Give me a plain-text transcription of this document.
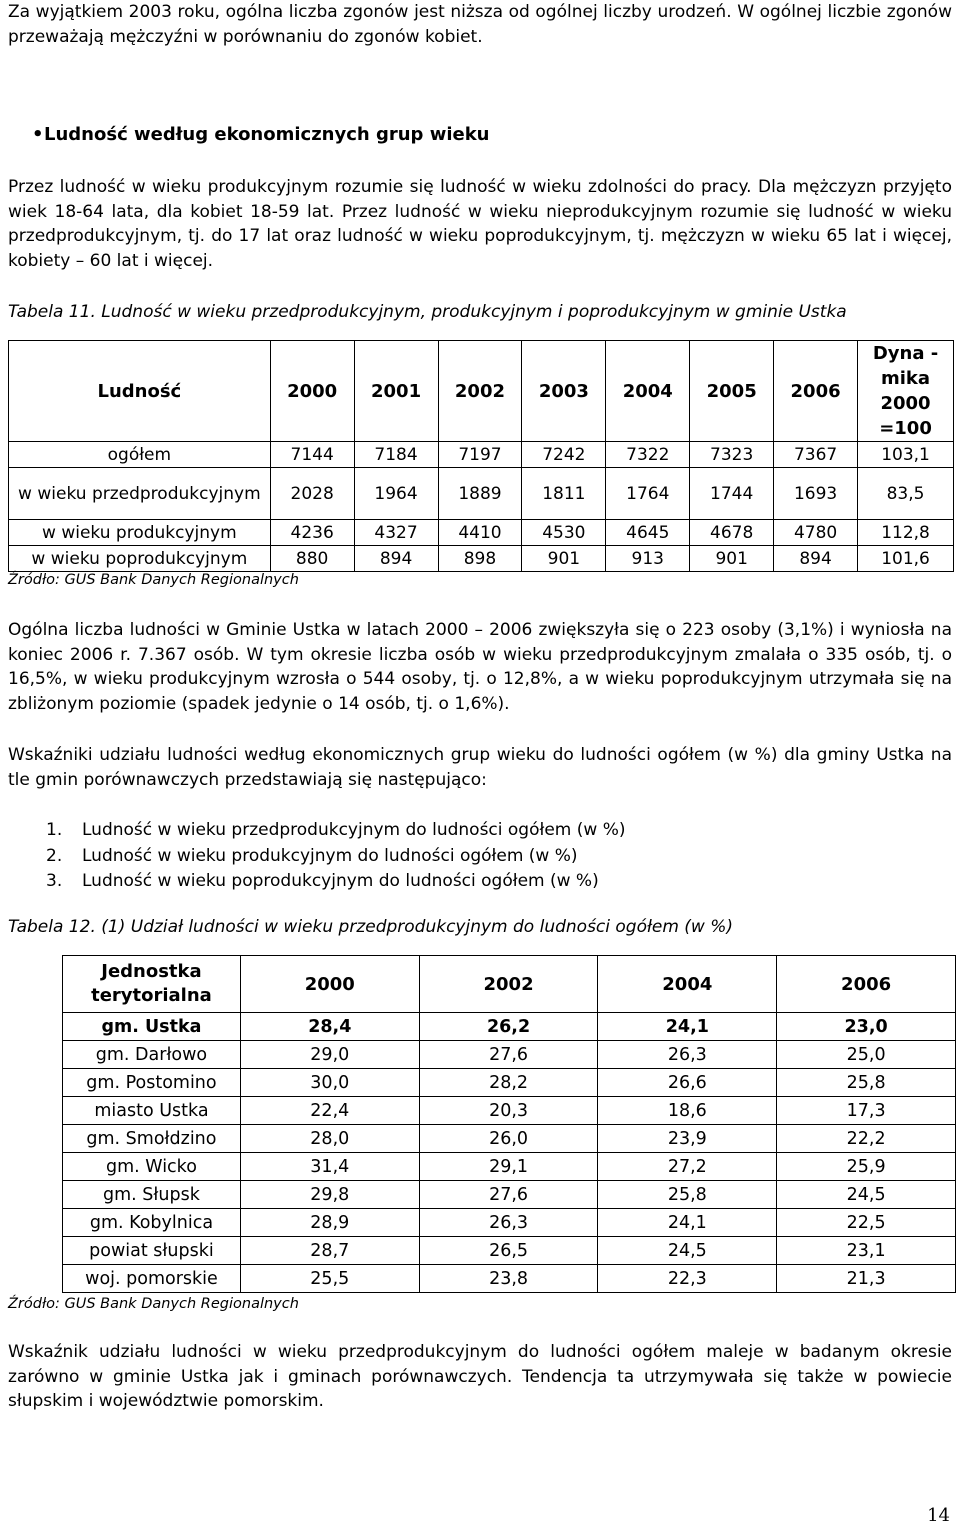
Za wyjątkiem 2003 roku, ogólna liczba zgonów jest niższa od ogólnej liczby urodzeń. W ogólnej liczbie zgonów przeważają mężczyźni w porównaniu do zgonów kobiet.

• Ludność według ekonomicznych grup wieku

Przez ludność w wieku produkcyjnym rozumie się ludność w wieku zdolności do pracy. Dla mężczyzn przyjęto wiek 18-64 lata, dla kobiet 18-59 lat. Przez ludność w wieku nieprodukcyjnym rozumie się ludność w wieku przedprodukcyjnym, tj. do 17 lat oraz ludność w wieku poprodukcyjnym, tj. mężczyzn w wieku 65 lat i więcej, kobiety – 60 lat i więcej.

Tabela 11. Ludność w wieku przedprodukcyjnym, produkcyjnym i poprodukcyjnym w gminie Ustka

Ludność	2000	2001	2002	2003	2004	2005	2006	Dyna -mika 2000 =100
ogółem	7144	7184	7197	7242	7322	7323	7367	103,1
w wieku przedprodukcyjnym	2028	1964	1889	1811	1764	1744	1693	83,5
w wieku produkcyjnym	4236	4327	4410	4530	4645	4678	4780	112,8
w wieku poprodukcyjnym	880	894	898	901	913	901	894	101,6

Źródło: GUS Bank Danych Regionalnych

Ogólna liczba ludności w Gminie Ustka w latach 2000 – 2006 zwiększyła się o 223 osoby (3,1%) i wyniosła na koniec 2006 r. 7.367 osób. W tym okresie liczba osób w wieku przedprodukcyjnym zmalała o 335 osób, tj. o 16,5%, w wieku produkcyjnym wzrosła o 544 osoby, tj. o 12,8%, a w wieku poprodukcyjnym utrzymała się na zbliżonym poziomie (spadek jedynie o 14 osób, tj. o 1,6%).

Wskaźniki udziału ludności według ekonomicznych grup wieku do ludności ogółem (w %) dla gminy Ustka na tle gmin porównawczych przedstawiają się następująco:

1. Ludność w wieku przedprodukcyjnym do ludności ogółem (w %)
2. Ludność w wieku produkcyjnym do ludności ogółem (w %)
3. Ludność w wieku poprodukcyjnym do ludności ogółem (w %)

Tabela 12. (1) Udział ludności w wieku przedprodukcyjnym do ludności ogółem (w %)

Jednostka terytorialna	2000	2002	2004	2006
gm. Ustka	28,4	26,2	24,1	23,0
gm. Darłowo	29,0	27,6	26,3	25,0
gm. Postomino	30,0	28,2	26,6	25,8
miasto Ustka	22,4	20,3	18,6	17,3
gm. Smołdzino	28,0	26,0	23,9	22,2
gm. Wicko	31,4	29,1	27,2	25,9
gm. Słupsk	29,8	27,6	25,8	24,5
gm. Kobylnica	28,9	26,3	24,1	22,5
powiat słupski	28,7	26,5	24,5	23,1
woj. pomorskie	25,5	23,8	22,3	21,3

Źródło: GUS Bank Danych Regionalnych

Wskaźnik udziału ludności w wieku przedprodukcyjnym do ludności ogółem maleje w badanym okresie zarówno w gminie Ustka jak i gminach porównawczych. Tendencja ta utrzymywała się także w powiecie słupskim i województwie pomorskim.

14
